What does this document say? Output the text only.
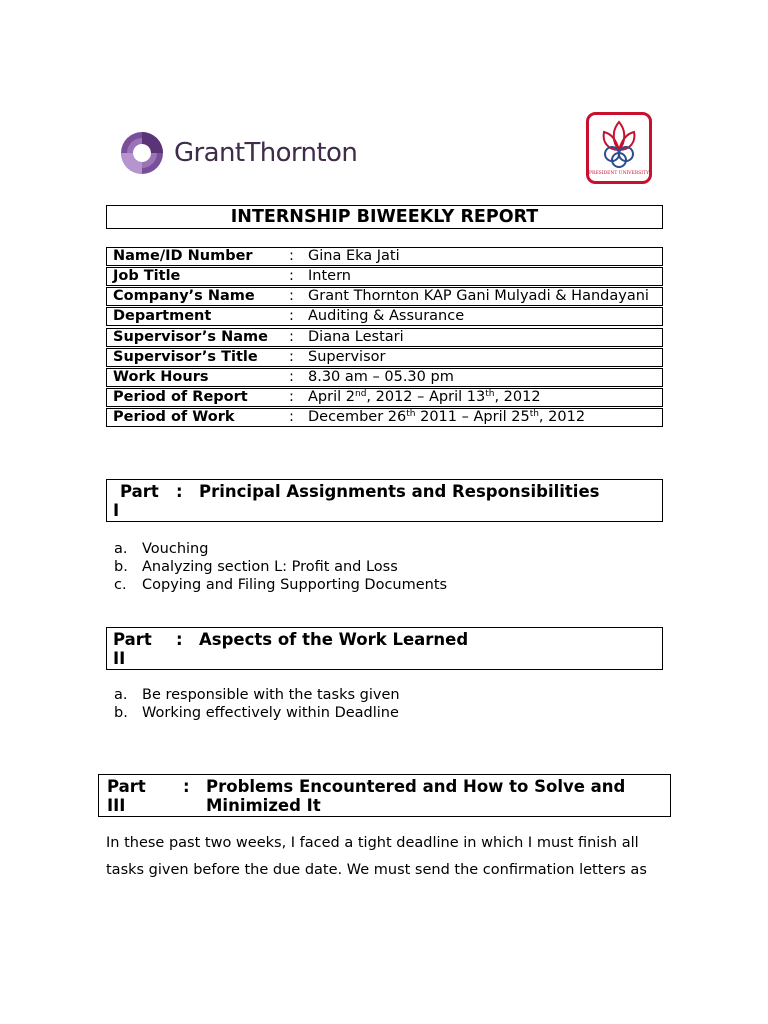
GrantThornton
PRESIDENT UNIVERSITY
INTERNSHIP BIWEEKLY REPORT
Name/ID Number	: Gina Eka Jati
Job Title	: Intern
Company’s Name : Grant Thornton KAP Gani Mulyadi & Handayani
Department	: Auditing & Assurance
Supervisor’s Name : Diana Lestari
Supervisor’s Title : Supervisor
Work Hours	: 8.30 am – 05.30 pm
Period of Report	: April 2nd, 2012 – April 13th, 2012
Period of Work	: December 26th 2011 – April 25th, 2012
Part : Principal Assignments and Responsibilities
I
a. Vouching
b. Analyzing section L: Profit and Loss
c. Copying and Filing Supporting Documents
Part : Aspects of the Work Learned
II
a. Be responsible with the tasks given
b. Working effectively within Deadline
Part : Problems Encountered and How to Solve and
III	Minimized It

In these past two weeks, I faced a tight deadline in which I must finish all
tasks given before the due date. We must send the confirmation letters as
